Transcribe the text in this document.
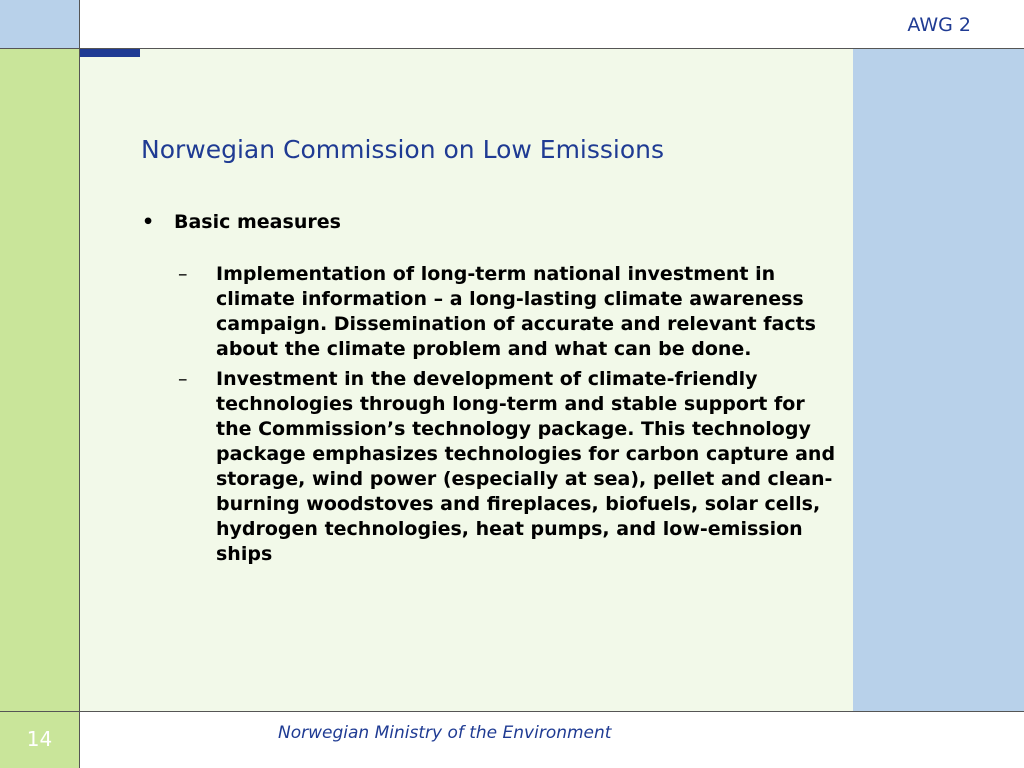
AWG 2
Norwegian Commission on Low Emissions
•	Basic measures
–	Implementation of long-term national investment in climate information – a long-lasting climate awareness campaign. Dissemination of accurate and relevant facts about the climate problem and what can be done.
–	Investment in the development of climate-friendly technologies through long-term and stable support for the Commission’s technology package. This technology package emphasizes technologies for carbon capture and storage, wind power (especially at sea), pellet and clean-burning woodstoves and fireplaces, biofuels, solar cells, hydrogen technologies, heat pumps, and low-emission ships
14	Norwegian Ministry of the Environment
